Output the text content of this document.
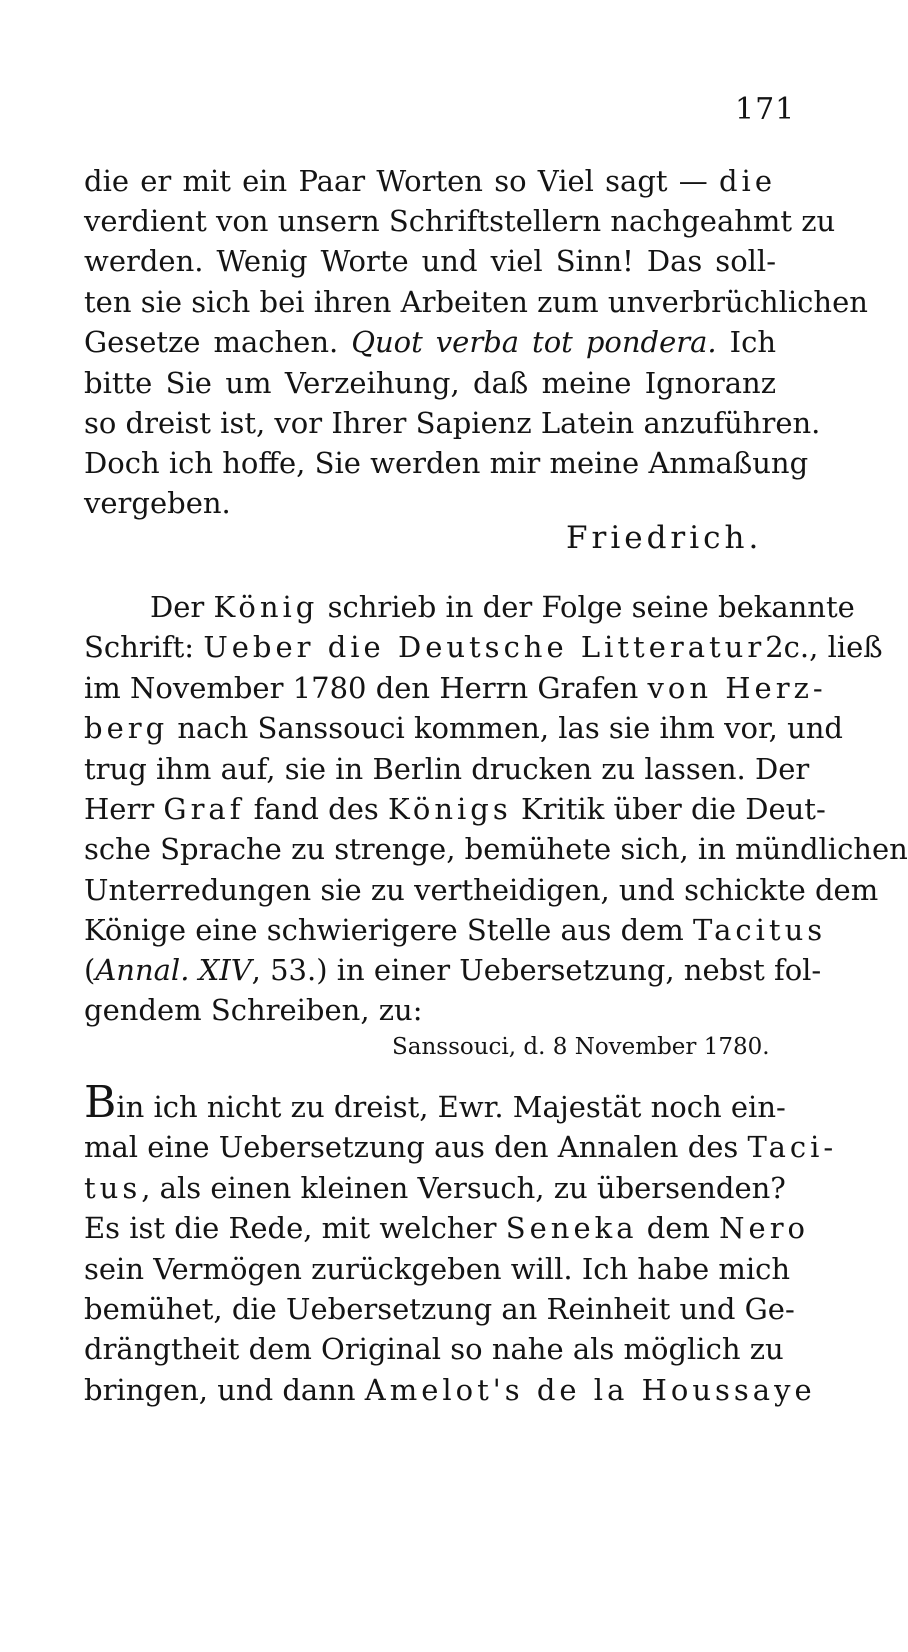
171
die er mit ein Paar Worten so Viel sagt — die
verdient von unsern Schriftstellern nachgeahmt zu
werden. Wenig Worte und viel Sinn! Das soll-
ten sie sich bei ihren Arbeiten zum unverbrüchlichen
Gesetze machen. Quot verba tot pondera. Ich
bitte Sie um Verzeihung, daß meine Ignoranz
so dreist ist, vor Ihrer Sapienz Latein anzuführen.
Doch ich hoffe, Sie werden mir meine Anmaßung
vergeben.
Friedrich.
Der König schrieb in der Folge seine bekannte
Schrift: Ueber die Deutsche Litteratur2c., ließ
im November 1780 den Herrn Grafen von Herz-
berg nach Sanssouci kommen, las sie ihm vor, und
trug ihm auf, sie in Berlin drucken zu lassen. Der
Herr Graf fand des Königs Kritik über die Deut-
sche Sprache zu strenge, bemühete sich, in mündlichen
Unterredungen sie zu vertheidigen, und schickte dem
Könige eine schwierigere Stelle aus dem Tacitus
(Annal. XIV, 53.) in einer Uebersetzung, nebst fol-
gendem Schreiben, zu:
Sanssouci, d. 8 November 1780.
Bin ich nicht zu dreist, Ewr. Majestät noch ein-
mal eine Uebersetzung aus den Annalen des Taci-
tus, als einen kleinen Versuch, zu übersenden?
Es ist die Rede, mit welcher Seneka dem Nero
sein Vermögen zurückgeben will. Ich habe mich
bemühet, die Uebersetzung an Reinheit und Ge-
drängtheit dem Original so nahe als möglich zu
bringen, und dann Amelot's de la Houssaye
